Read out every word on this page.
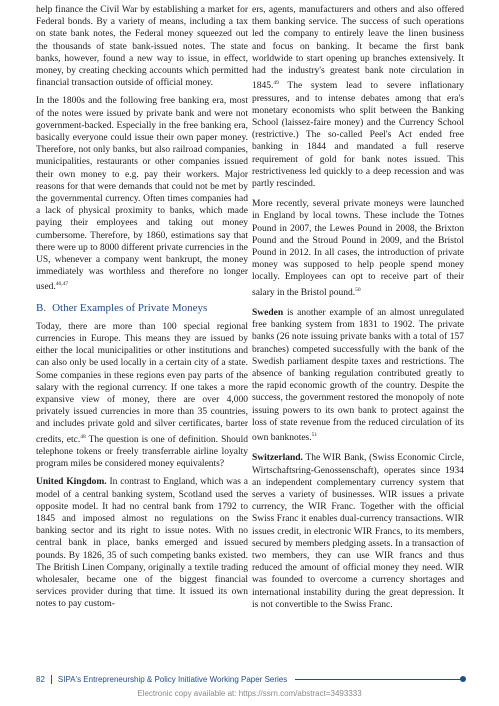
help finance the Civil War by establishing a market for Federal bonds. By a variety of means, including a tax on state bank notes, the Federal money squeezed out the thousands of state bank-issued notes. The state banks, however, found a new way to issue, in effect, money, by creating checking accounts which permitted financial transaction outside of official money.

In the 1800s and the following free banking era, most of the notes were issued by private bank and were not government-backed. Especially in the free banking era, basically everyone could issue their own paper money. Therefore, not only banks, but also railroad companies, municipalities, restaurants or other companies issued their own money to e.g. pay their workers. Major reasons for that were demands that could not be met by the governmental currency. Often times companies had a lack of physical proximity to banks, which made paying their employees and taking out money cumbersome. Therefore, by 1860, estimations say that there were up to 8000 different private currencies in the US, whenever a company went bankrupt, the money immediately was worthless and therefore no longer used.$^{46,47}$

B. Other Examples of Private Moneys

Today, there are more than 100 special regional currencies in Europe. This means they are issued by either the local municipalities or other institutions and can also only be used locally in a certain city of a state. Some companies in these regions even pay parts of the salary with the regional currency. If one takes a more expansive view of money, there are over 4,000 privately issued currencies in more than 35 countries, and includes private gold and silver certificates, barter credits, etc.$^{48}$ The question is one of definition. Should telephone tokens or freely transferrable airline loyalty program miles be considered money equivalents?

United Kingdom. In contrast to England, which was a model of a central banking system, Scotland used the opposite model. It had no central bank from 1792 to 1845 and imposed almost no regulations on the banking sector and its right to issue notes. With no central bank in place, banks emerged and issued pounds. By 1826, 35 of such competing banks existed. The British Linen Company, originally a textile trading wholesaler, became one of the biggest financial services provider during that time. It issued its own notes to pay custom-

ers, agents, manufacturers and others and also offered them banking service. The success of such operations led the company to entirely leave the linen business and focus on banking. It became the first bank worldwide to start opening up branches extensively. It had the industry's greatest bank note circulation in 1845.49 The system lead to severe inflationary pressures, and to intense debates among that era's monetary economists who split between the Banking School (laissez-faire money) and the Currency School (restrictive.) The so-called Peel's Act ended free banking in 1844 and mandated a full reserve requirement of gold for bank notes issued. This restrictiveness led quickly to a deep recession and was partly rescinded.

More recently, several private moneys were launched in England by local towns. These include the Totnes Pound in 2007, the Lewes Pound in 2008, the Brixton Pound and the Stroud Pound in 2009, and the Bristol Pound in 2012. In all cases, the introduction of private money was supposed to help people spend money locally. Employees can opt to receive part of their salary in the Bristol pound.$^{50}$

Sweden is another example of an almost unregulated free banking system from 1831 to 1902. The private banks (26 note issuing private banks with a total of 157 branches) competed successfully with the bank of the Swedish parliament despite taxes and restrictions. The absence of banking regulation contributed greatly to the rapid economic growth of the country. Despite the success, the government restored the monopoly of note issuing powers to its own bank to protect against the loss of state revenue from the reduced circulation of its own banknotes.$^{51}$

Switzerland. The WIR Bank, (Swiss Economic Circle, Wirtschaftsring-Genossenschaft), operates since 1934 an independent complementary currency system that serves a variety of businesses. WIR issues a private currency, the WIR Franc. Together with the official Swiss Franc it enables dual-currency transactions. WIR issues credit, in electronic WIR Francs, to its members, secured by members pledging assets. In a transaction of two members, they can use WIR francs and thus reduced the amount of official money they need. WIR was founded to overcome a currency shortages and international instability during the great depression. It is not convertible to the Swiss Franc.

82 SIPA's Entrepreneurship & Policy Initiative Working Paper Series
Electronic copy available at: https://ssrn.com/abstract=3493333
